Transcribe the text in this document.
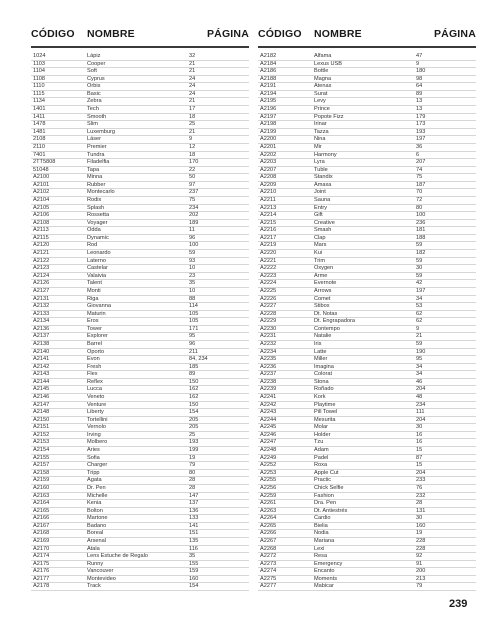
CÓDIGO NOMBRE	PÁGINA CÓDIGO NOMBRE	PÁGINA
1024	Lápiz	32
1103	Cooper	21
1104	Soft	21
1108	Cyprus	24
1110	Orbis	24
1115	Basic	24
1134	Zebra	21
1401	Tech	17
1411	Smooth	18
1478	Slim	25
1481	Luxemburg	21
2108	Láser	9
2110	Premier	12
7401	Tundra	18
2TT5808	Filadelfia	170
51048	Tapa	22
A2100	Minna	50
A2101	Rubber	97
A2102	Montecarlo	237
A2104	Rodix	75
A2105	Splash	234
A2106	Rossetta	202
A2108	Voyager	189
A2113	Odda	11
A2115	Dynamic	96
A2120	Rod	100
A2121	Leonardo	59
A2122	Laterno	93
A2123	Castelar	10
A2124	Valaivia	23
A2126	Talent	35
A2127	Monti	10
A2131	Riga	88
A2132	Giovanna	114
A2133	Maturin	105
A2134	Eros	105
A2136	Tower	171
A2137	Explorer	95
A2138	Barrel	96
A2140	Oporto	211
A2141	Evon	84, 234
A2142	Fresh	185
A2143	Flex	89
A2144	Reflex	150
A2145	Lucca	162
A2146	Veneto	162
A2147	Venture	150
A2148	Liberty	154
A2150	Tortellini	205
A2151	Vernolo	205
A2152	Irving	25
A2153	Molbero	193
A2154	Aries	199
A2155	Sofia	19
A2157	Charger	79
A2158	Tripp	80
A2159	Agata	28
A2160	Dr. Pen	28
A2163	Michelle	147
A2164	Kenia	137
A2165	Bolton	136
A2166	Martone	133
A2167	Badano	141
A2168	Boreal	151
A2169	Arsenal	135
A2170	Atala	116
A2174	Lens Estuche de Regalo	35
A2175	Runny	155
A2176	Vancouver	159
A2177	Montevideo	160
A2178	Track	154
A2182	Alfama	47
A2184	Lexus USB	9
A2186	Bottle	180
A2188	Magna	98
A2191	Atenas	64
A2194	Surat	89
A2195	Levy	13
A2196	Prince	13
A2197	Popote Fizz	179
A2198	Irinar	173
A2199	Tazza	193
A2200	Nina	197
A2201	Mir	36
A2202	Harmony	6
A2203	Lyra	207
A2207	Tuble	74
A2208	Standix	75
A2209	Amaxa	187
A2210	Joint	70
A2211	Sauna	72
A2213	Entry	80
A2214	Gift	100
A2215	Creative	236
A2216	Smash	181
A2217	Clap	188
A2219	Mars	59
A2220	Kui	182
A2221	Trim	59
A2222	Oxygen	30
A2223	Arme	59
A2224	Evernote	42
A2225	Arrows	197
A2226	Comet	34
A2227	Stibox	53
A2228	Dt. Notas	62
A2229	Dt. Engrapadora	62
A2230	Contempo	9
A2231	Natalie	21
A2232	Iris	59
A2234	Latte	190
A2235	Miller	95
A2236	Imagina	34
A2237	Colorat	34
A2238	Stona	46
A2239	Roñado	204
A2241	Kork	48
A2242	Playtime	234
A2243	Pill Towel	111
A2244	Mesurita	204
A2245	Molar	30
A2246	Holder	16
A2247	Tzu	16
A2248	Adam	15
A2249	Padel	87
A2252	Roxa	15
A2253	Apple Cut	204
A2255	Practic	233
A2256	Chick Selfie	76
A2259	Fashion	232
A2261	Dra. Pen	28
A2263	Dt. Antiestrés	131
A2264	Cardio	30
A2265	Bielia	160
A2266	Nodia	19
A2267	Mariana	228
A2268	Lexi	228
A2272	Resa	92
A2273	Emergency	91
A2274	Encanto	200
A2275	Moments	213
A2277	Mabicar	79
239
